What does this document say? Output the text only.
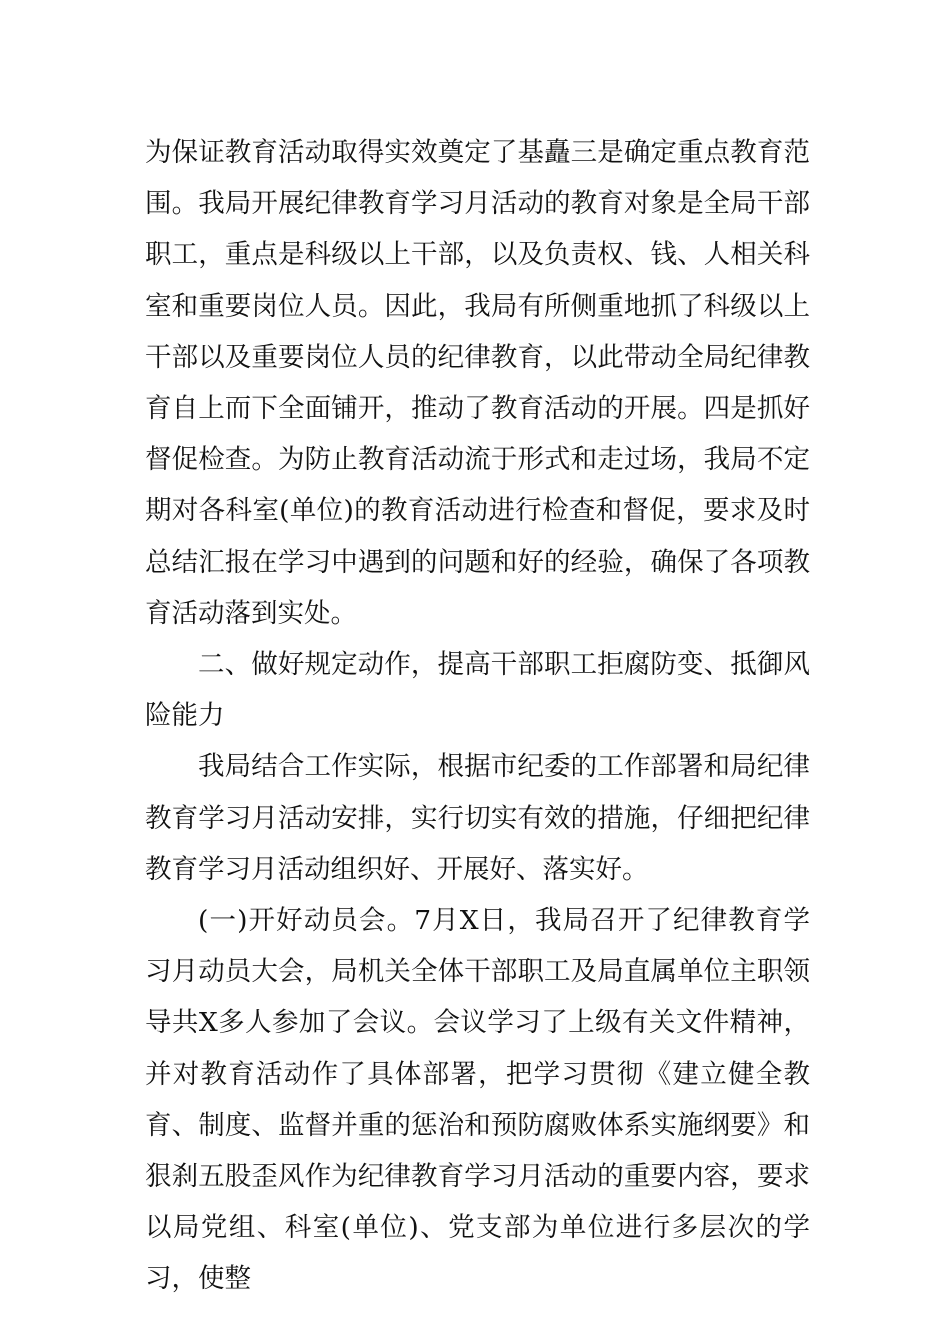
为保证教育活动取得实效奠定了基矗三是确定重点教育范围。我局开展纪律教育学习月活动的教育对象是全局干部职工，重点是科级以上干部，以及负责权、钱、人相关科室和重要岗位人员。因此，我局有所侧重地抓了科级以上干部以及重要岗位人员的纪律教育，以此带动全局纪律教育自上而下全面铺开，推动了教育活动的开展。四是抓好督促检查。为防止教育活动流于形式和走过场，我局不定期对各科室(单位)的教育活动进行检查和督促，要求及时总结汇报在学习中遇到的问题和好的经验，确保了各项教育活动落到实处。

二、做好规定动作，提高干部职工拒腐防变、抵御风险能力

我局结合工作实际，根据市纪委的工作部署和局纪律教育学习月活动安排，实行切实有效的措施，仔细把纪律教育学习月活动组织好、开展好、落实好。

(一)开好动员会。7月X日，我局召开了纪律教育学习月动员大会，局机关全体干部职工及局直属单位主职领导共X多人参加了会议。会议学习了上级有关文件精神，并对教育活动作了具体部署，把学习贯彻《建立健全教育、制度、监督并重的惩治和预防腐败体系实施纲要》和狠刹五股歪风作为纪律教育学习月活动的重要内容，要求以局党组、科室(单位)、党支部为单位进行多层次的学习，使整
